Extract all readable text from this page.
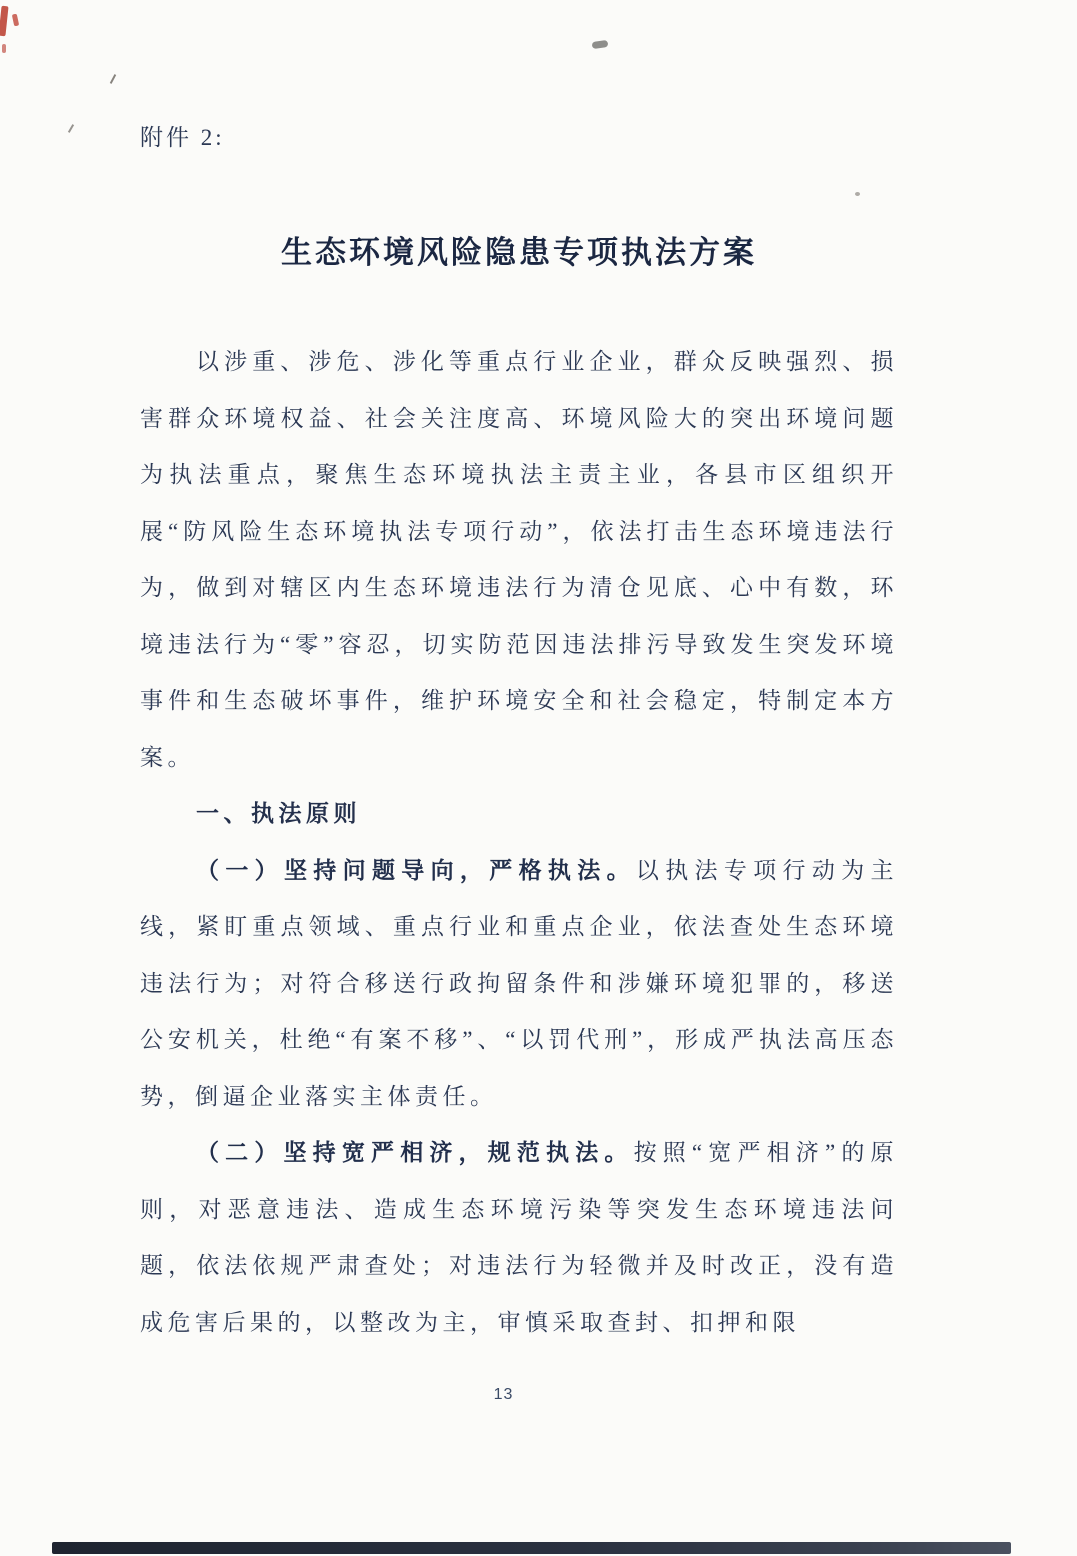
附件 2:
生态环境风险隐患专项执法方案

以涉重、涉危、涉化等重点行业企业，群众反映强烈、损害群众环境权益、社会关注度高、环境风险大的突出环境问题为执法重点，聚焦生态环境执法主责主业，各县市区组织开展“防风险生态环境执法专项行动”，依法打击生态环境违法行为，做到对辖区内生态环境违法行为清仓见底、心中有数，环境违法行为“零”容忍，切实防范因违法排污导致发生突发环境事件和生态破坏事件，维护环境安全和社会稳定，特制定本方案。

一、执法原则

（一）坚持问题导向，严格执法。以执法专项行动为主线，紧盯重点领域、重点行业和重点企业，依法查处生态环境违法行为；对符合移送行政拘留条件和涉嫌环境犯罪的，移送公安机关，杜绝“有案不移”、“以罚代刑”，形成严执法高压态势，倒逼企业落实主体责任。

（二）坚持宽严相济，规范执法。按照“宽严相济”的原则，对恶意违法、造成生态环境污染等突发生态环境违法问题，依法依规严肃查处；对违法行为轻微并及时改正，没有造成危害后果的，以整改为主，审慎采取查封、扣押和限

13
